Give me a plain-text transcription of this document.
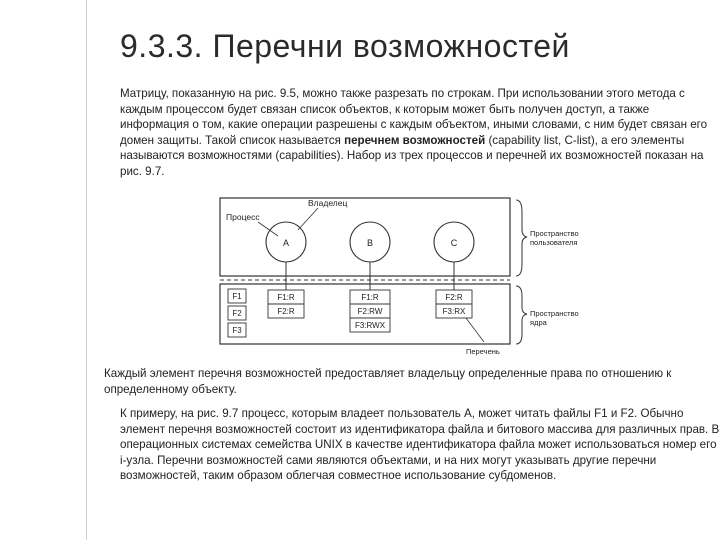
9.3.3. Перечни возможностей
Матрицу, показанную на рис. 9.5, можно также разрезать по строкам. При использовании этого метода с каждым процессом будет связан список объектов, к которым может быть получен доступ, а также информация о том, какие операции разрешены с каждым объектом, иными словами, с ним будет связан его домен защиты. Такой список называется перечнем возможностей (capability list, C-list), а его элементы называются возможностями (capabilities). Набор из трех процессов и перечней их возможностей показан на рис. 9.7.
Процесс
Владелец
A	B	C
F1
F2
F3
F1:R
F2:R
F1:R
F2:RW
F3:RWX
F2:R
F3:RX
Перечень
Пространство пользователя
Пространство ядра
Каждый элемент перечня возможностей предоставляет владельцу определенные права по отношению к определенному объекту.
К примеру, на рис. 9.7 процесс, которым владеет пользователь A, может читать файлы F1 и F2. Обычно элемент перечня возможностей состоит из идентификатора файла и битового массива для различных прав. В операционных системах семейства UNIX в качестве идентификатора файла может использоваться номер его i-узла. Перечни возможностей сами являются объектами, и на них могут указывать другие перечни возможностей, таким образом облегчая совместное использование субдоменов.
